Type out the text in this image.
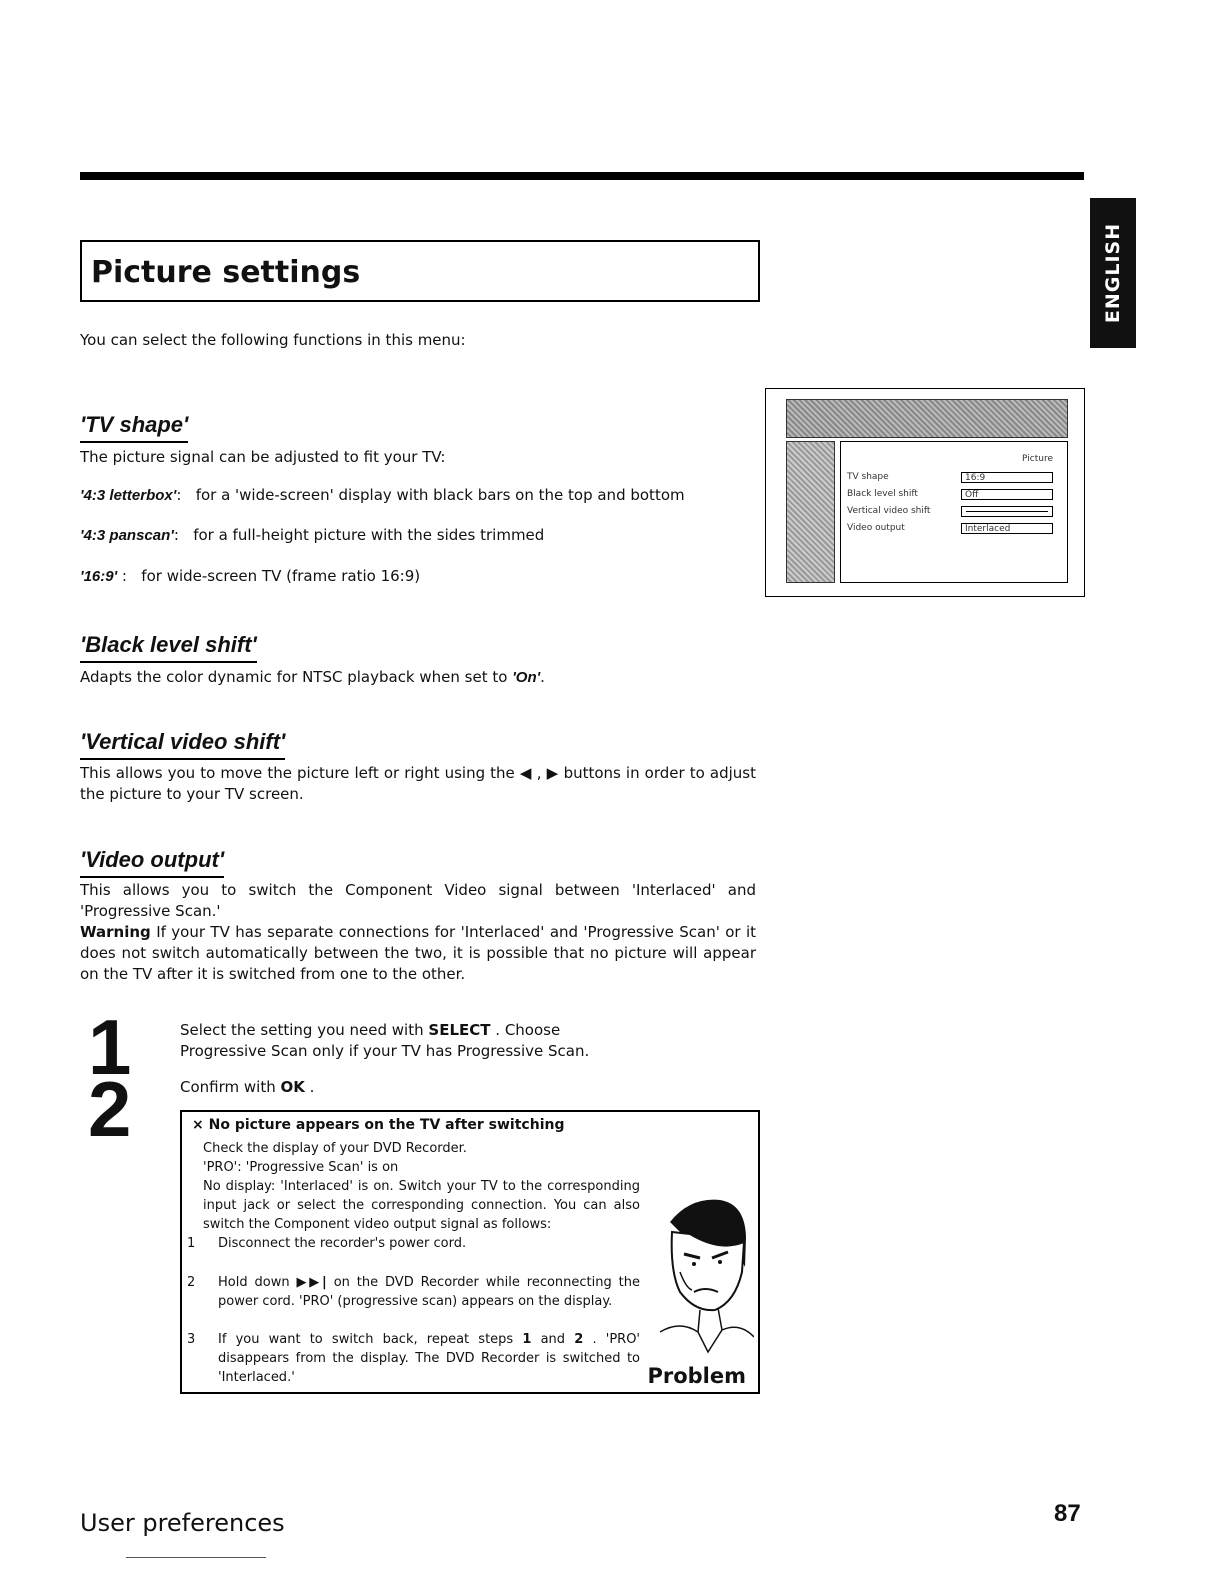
ENGLISH
Picture settings
You can select the following functions in this menu:
'TV shape'
The picture signal can be adjusted to fit your TV:
'4:3 letterbox':   for a 'wide-screen' display with black bars on the top and bottom
'4:3 panscan':   for a full-height picture with the sides trimmed
'16:9' :   for wide-screen TV (frame ratio 16:9)
Picture
TV shape	16:9
Black level shift	Off
Vertical video shift
Video output	Interlaced
'Black level shift'
Adapts the color dynamic for NTSC playback when set to 'On'.
'Vertical video shift'
This allows you to move the picture left or right using the ◀ , ▶ buttons in order to adjust the picture to your TV screen.
'Video output'
This allows you to switch the Component Video signal between 'Interlaced' and 'Progressive Scan.'
Warning If your TV has separate connections for 'Interlaced' and 'Progressive Scan' or it does not switch automatically between the two, it is possible that no picture will appear on the TV after it is switched from one to the other.
1
2
Select the setting you need with SELECT . Choose Progressive Scan only if your TV has Progressive Scan.
Confirm with OK .
× No picture appears on the TV after switching
Check the display of your DVD Recorder.
'PRO': 'Progressive Scan' is on
No display: 'Interlaced' is on. Switch your TV to the corresponding input jack or select the corresponding connection. You can also switch the Component video output signal as follows:
1 Disconnect the recorder's power cord.
2 Hold down ▶▶| on the DVD Recorder while reconnecting the power cord. 'PRO' (progressive scan) appears on the display.
3 If you want to switch back, repeat steps 1 and 2 . 'PRO' disappears from the display. The DVD Recorder is switched to 'Interlaced.'	Problem
User preferences	87
